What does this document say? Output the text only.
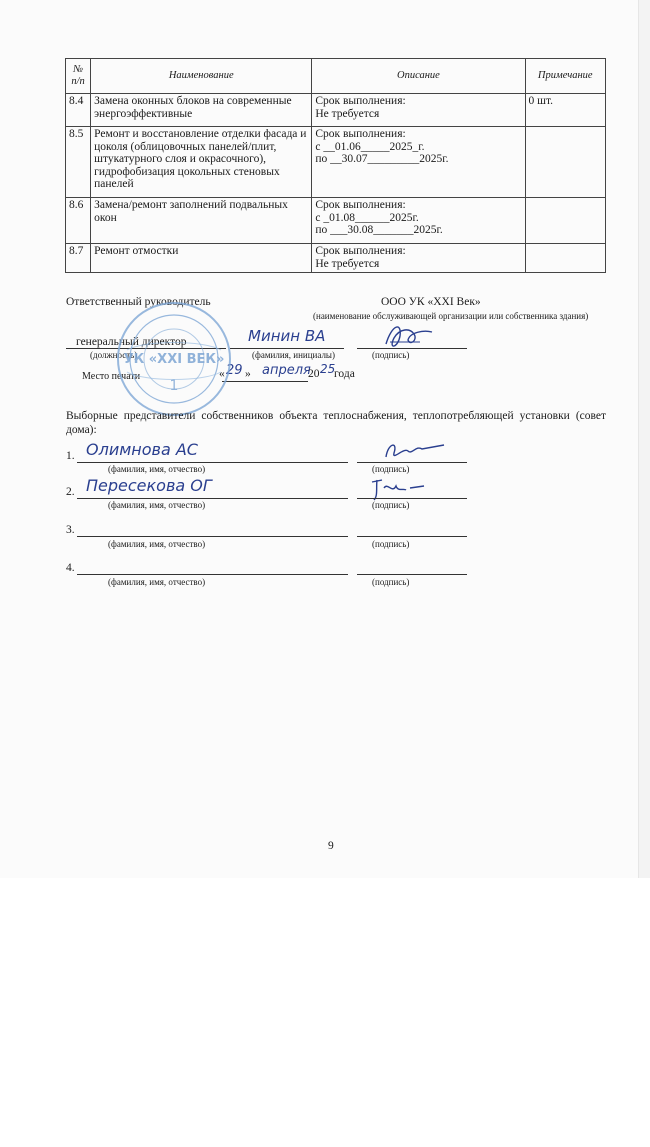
№
п/п	Наименование	Описание	Примечание
8.4	Замена оконных блоков на современные энергоэффективные	Срок выполнения:
Не требуется	0 шт.
8.5	Ремонт и восстановление отделки фасада и цоколя (облицовочных панелей/плит, штукатурного слоя и окрасочного), гидрофобизация цокольных стеновых панелей	Срок выполнения:
с __01.06_____2025_г.
по __30.07_________2025г.	
8.6	Замена/ремонт заполнений подвальных окон	Срок выполнения:
с _01.08______2025г.
по ___30.08_______2025г.	
8.7	Ремонт отмостки	Срок выполнения:
Не требуется	
Ответственный руководитель	ООО УК «XXI Век»
(наименование обслуживающей организации или собственника здания)
генеральный директор
(должность)
Минин ВА
(фамилия, инициалы)	(подпись)
Место печати	« 29 » апреля
20 25
года
УК «XXI ВЕК»
1
Выборные представители собственников объекта теплоснабжения, теплопотребляющей установки (совет дома):
1. Олимнова АС
(фамилия, имя, отчество)	(подпись)
2. Пересекова ОГ
(фамилия, имя, отчество)	(подпись)
3.
(фамилия, имя, отчество)	(подпись)
4.
(фамилия, имя, отчество)	(подпись)
9
